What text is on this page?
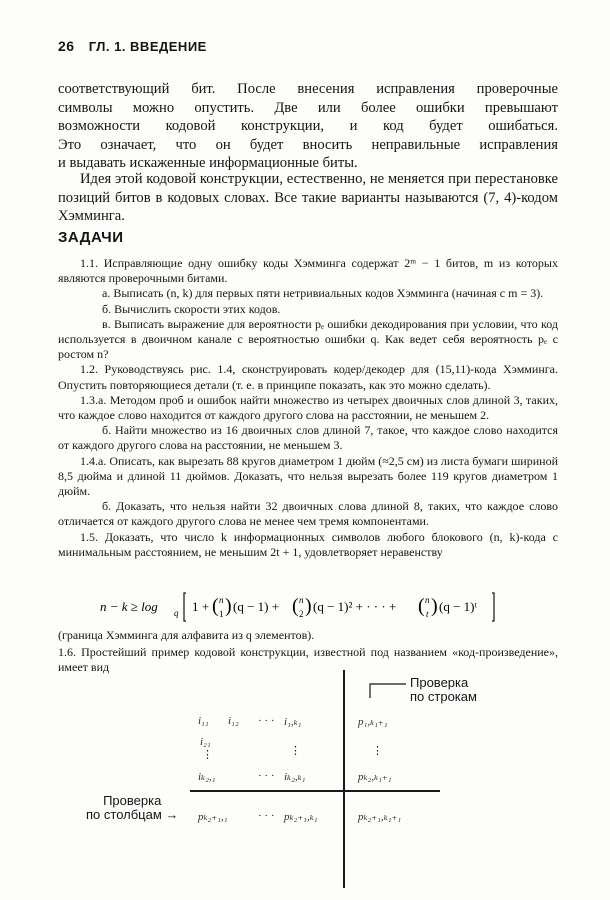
26 ГЛ. 1. ВВЕДЕНИЕ
соответствующий бит. После внесения исправления проверочные
символы можно опустить. Две или более ошибки превышают
возможности кодовой конструкции, и код будет ошибаться.
Это означает, что он будет вносить неправильные исправления
и выдавать искаженные информационные биты.
Идея этой кодовой конструкции, естественно, не меняется при перестановке позиций битов в кодовых словах. Все такие варианты называются (7, 4)-кодом Хэмминга.
ЗАДАЧИ

1.1. Исправляющие одну ошибку коды Хэмминга содержат 2ᵐ − 1 битов, m из которых являются проверочными битами.

а. Выписать (n, k) для первых пяти нетривиальных кодов Хэмминга (начиная с m = 3).

б. Вычислить скорости этих кодов.

в. Выписать выражение для вероятности pₑ ошибки декодирования при условии, что код используется в двоичном канале с вероятностью ошибки q. Как ведет себя вероятность pₑ с ростом n?

1.2. Руководствуясь рис. 1.4, сконструировать кодер/декодер для (15,11)-кода Хэмминга. Опустить повторяющиеся детали (т. е. в принципе показать, как это можно сделать).

1.3.а. Методом проб и ошибок найти множество из четырех двоичных слов длиной 3, таких, что каждое слово находится от каждого другого слова на расстоянии, не меньшем 2.

б. Найти множество из 16 двоичных слов длиной 7, такое, что каждое слово находится от каждого другого слова на расстоянии, не меньшем 3.

1.4.а. Описать, как вырезать 88 кругов диаметром 1 дюйм (≈2,5 см) из листа бумаги шириной 8,5 дюйма и длиной 11 дюймов. Доказать, что нельзя вырезать более 119 кругов диаметром 1 дюйм.

б. Доказать, что нельзя найти 32 двоичных слова длиной 8, таких, что каждое слово отличается от каждого другого слова не менее чем тремя компонентами.

1.5. Доказать, что число k информационных символов любого блокового (n, k)-кода с минимальным расстоянием, не меньшим 2t + 1, удовлетворяет неравенству

n − k ≥ log q 1 + ( n
1 ) (q − 1) + ( n
2 ) (q − 1)² + · · · + ( n
t ) (q − 1)ᵗ
(граница Хэмминга для алфавита из q элементов).
1.6. Простейший пример кодовой конструкции, известной под названием «код-произведение», имеет вид
Проверка
по строкам
i₁₁ i₁₂ · · · i₁,ₖ₁	p₁,ₖ₁₊₁
i₂₁
⋮	⋮	⋮
iₖ₂,₁	· · · iₖ₂,ₖ₁	pₖ₂,ₖ₁₊₁
Проверка
по столбцам → pₖ₂₊₁,₁	· · · pₖ₂₊₁,ₖ₁	pₖ₂₊₁,ₖ₁₊₁
